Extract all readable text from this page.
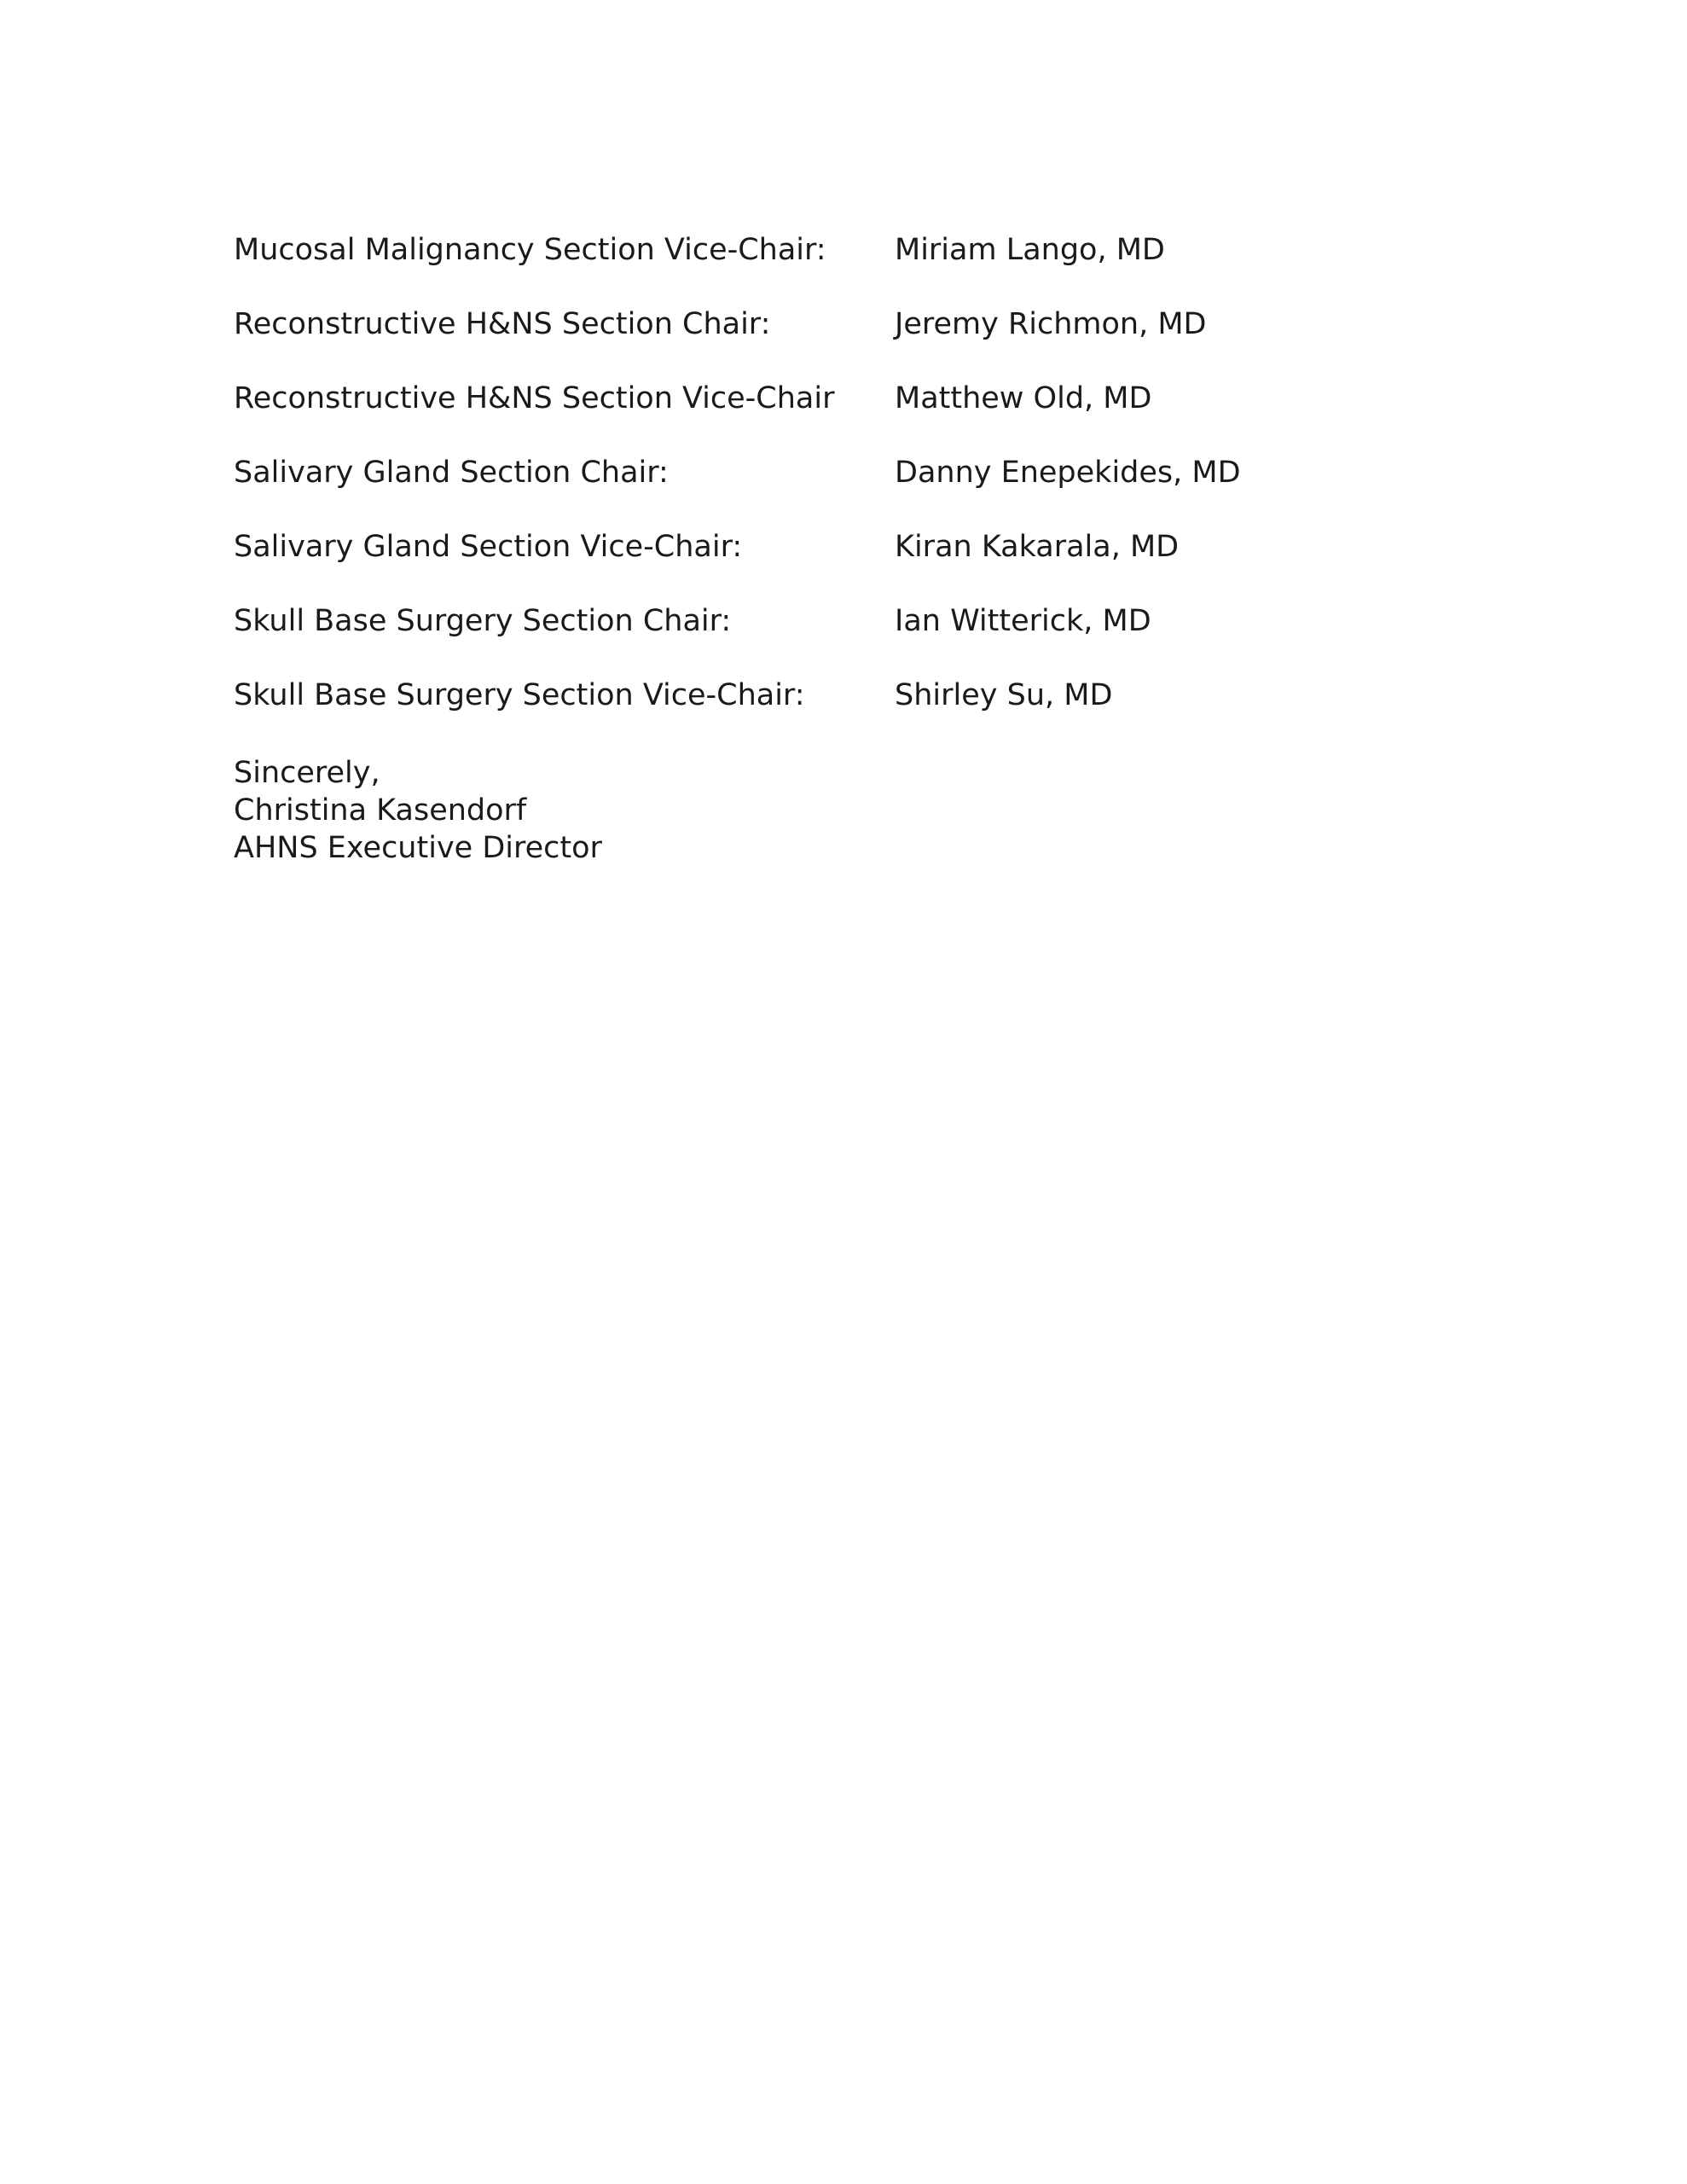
Mucosal Malignancy Section Vice-Chair:	Miriam Lango, MD
Reconstructive H&NS Section Chair:	Jeremy Richmon, MD
Reconstructive H&NS Section Vice-Chair	Matthew Old, MD
Salivary Gland Section Chair:	Danny Enepekides, MD
Salivary Gland Section Vice-Chair:	Kiran Kakarala, MD
Skull Base Surgery Section Chair:	Ian Witterick, MD
Skull Base Surgery Section Vice-Chair:	Shirley Su, MD
Sincerely,
Christina Kasendorf
AHNS Executive Director
